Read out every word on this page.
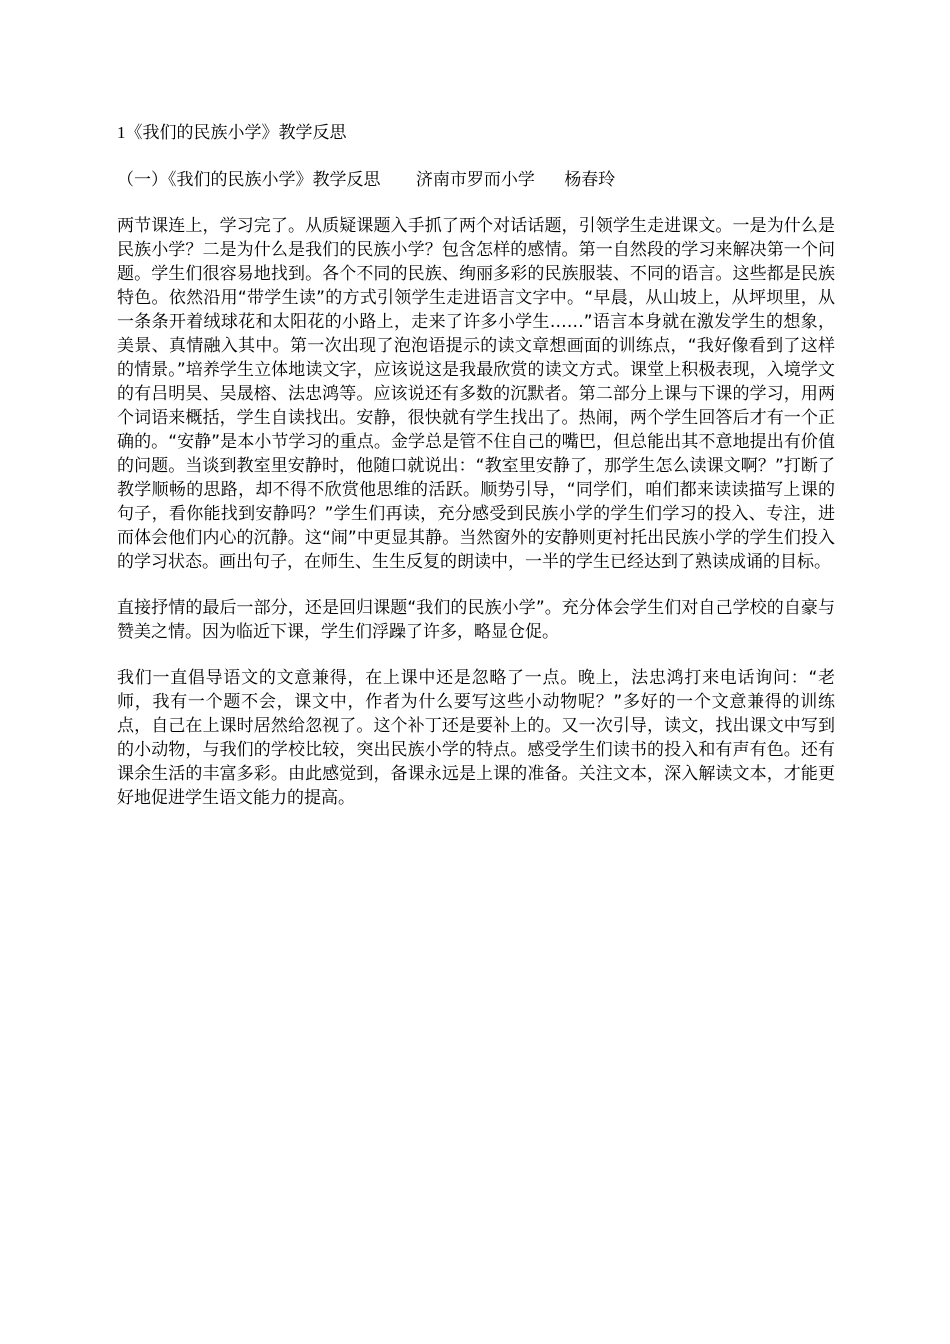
1《我们的民族小学》教学反思
（一）《我们的民族小学》教学反思 济南市罗而小学 杨春玲

两节课连上，学习完了。从质疑课题入手抓了两个对话话题，引领学生走进课文。一是为什么是民族小学？二是为什么是我们的民族小学？包含怎样的感情。第一自然段的学习来解决第一个问题。学生们很容易地找到。各个不同的民族、绚丽多彩的民族服装、不同的语言。这些都是民族特色。依然沿用“带学生读”的方式引领学生走进语言文字中。“早晨，从山坡上，从坪坝里，从一条条开着绒球花和太阳花的小路上，走来了许多小学生……”语言本身就在激发学生的想象，美景、真情融入其中。第一次出现了泡泡语提示的读文章想画面的训练点，“我好像看到了这样的情景。”培养学生立体地读文字，应该说这是我最欣赏的读文方式。课堂上积极表现，入境学文的有吕明昊、吴晟榕、法忠鸿等。应该说还有多数的沉默者。第二部分上课与下课的学习，用两个词语来概括，学生自读找出。安静，很快就有学生找出了。热闹，两个学生回答后才有一个正确的。“安静”是本小节学习的重点。金学总是管不住自己的嘴巴，但总能出其不意地提出有价值的问题。当谈到教室里安静时，他随口就说出：“教室里安静了，那学生怎么读课文啊？”打断了教学顺畅的思路，却不得不欣赏他思维的活跃。顺势引导，“同学们，咱们都来读读描写上课的句子，看你能找到安静吗？”学生们再读，充分感受到民族小学的学生们学习的投入、专注，进而体会他们内心的沉静。这“闹”中更显其静。当然窗外的安静则更衬托出民族小学的学生们投入的学习状态。画出句子，在师生、生生反复的朗读中，一半的学生已经达到了熟读成诵的目标。

直接抒情的最后一部分，还是回归课题“我们的民族小学”。充分体会学生们对自己学校的自豪与赞美之情。因为临近下课，学生们浮躁了许多，略显仓促。

我们一直倡导语文的文意兼得，在上课中还是忽略了一点。晚上，法忠鸿打来电话询问：“老师，我有一个题不会，课文中，作者为什么要写这些小动物呢？”多好的一个文意兼得的训练点，自己在上课时居然给忽视了。这个补丁还是要补上的。又一次引导，读文，找出课文中写到的小动物，与我们的学校比较，突出民族小学的特点。感受学生们读书的投入和有声有色。还有课余生活的丰富多彩。由此感觉到，备课永远是上课的准备。关注文本，深入解读文本，才能更好地促进学生语文能力的提高。
